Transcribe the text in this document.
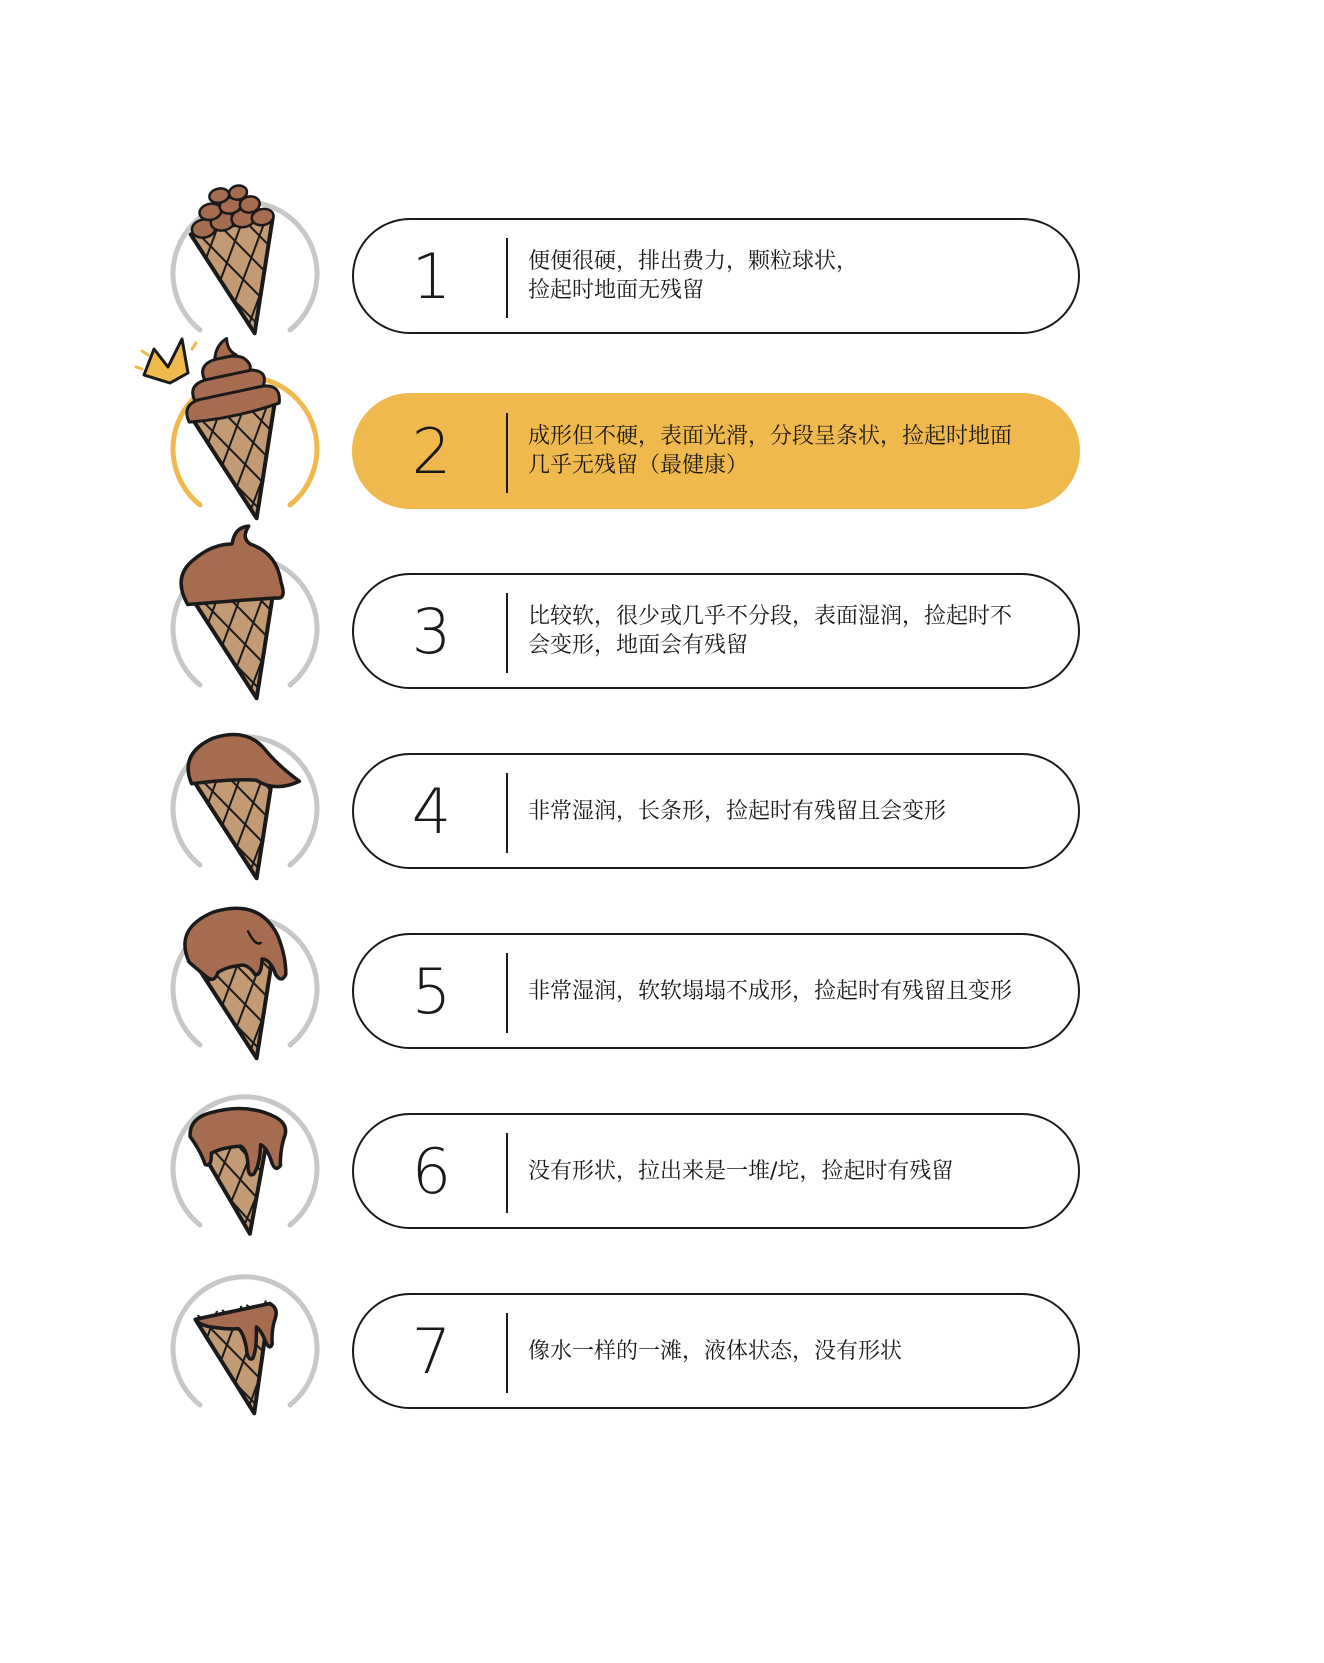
1	便便很硬，排出费力，颗粒球状，
捡起时地面无残留
2	成形但不硬，表面光滑，分段呈条状，捡起时地面
几乎无残留（最健康）
3	比较软，很少或几乎不分段，表面湿润，捡起时不
会变形，地面会有残留
4	非常湿润，长条形，捡起时有残留且会变形
5	非常湿润，软软塌塌不成形，捡起时有残留且变形
6	没有形状，拉出来是一堆/坨，捡起时有残留
7	像水一样的一滩，液体状态，没有形状
